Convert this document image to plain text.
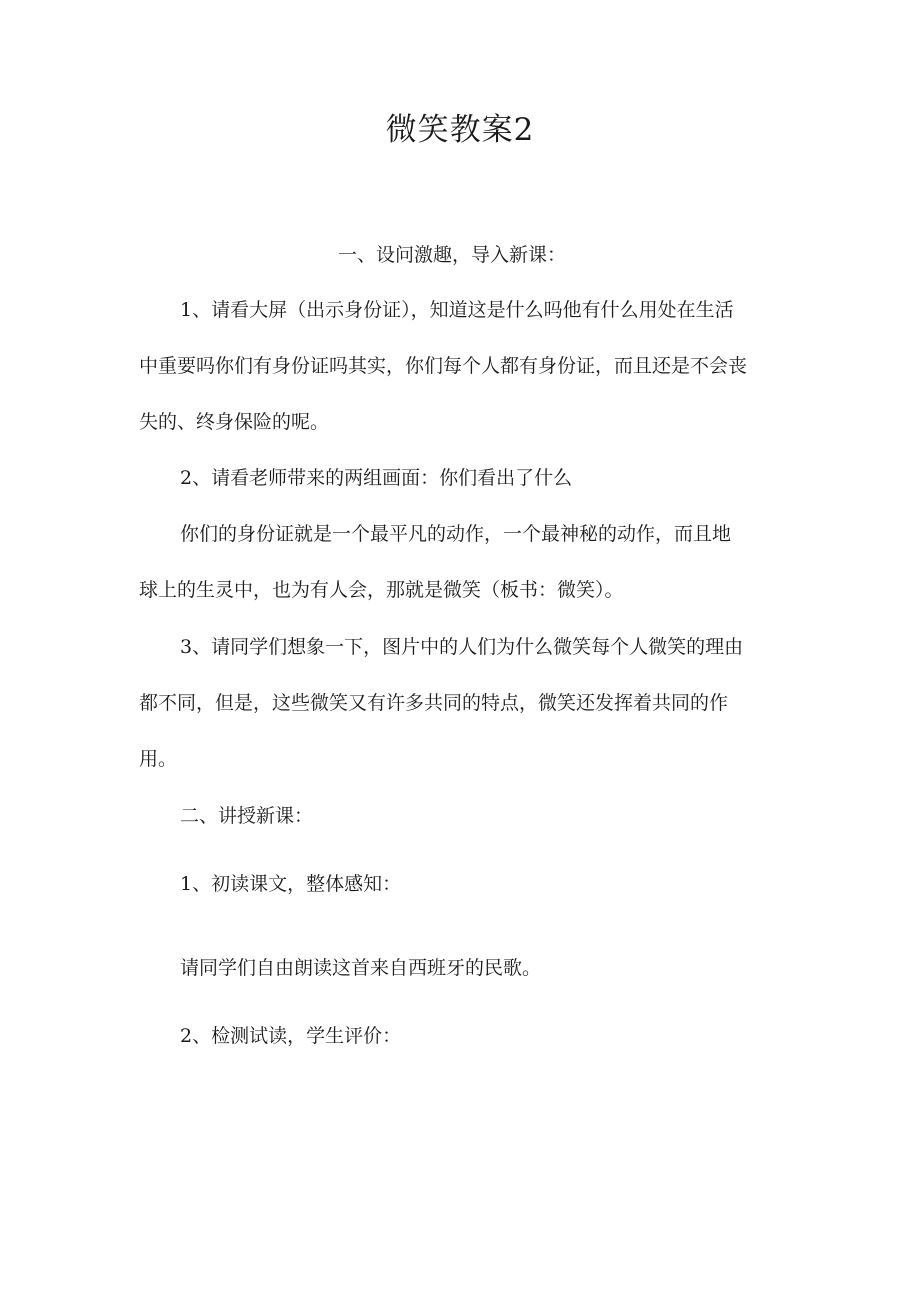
微笑教案2
一、设问激趣，导入新课：
1、请看大屏（出示身份证），知道这是什么吗他有什么用处在生活
中重要吗你们有身份证吗其实，你们每个人都有身份证，而且还是不会丧
失的、终身保险的呢。
2、请看老师带来的两组画面：你们看出了什么
你们的身份证就是一个最平凡的动作，一个最神秘的动作，而且地
球上的生灵中，也为有人会，那就是微笑（板书：微笑）。
3、请同学们想象一下，图片中的人们为什么微笑每个人微笑的理由
都不同，但是，这些微笑又有许多共同的特点，微笑还发挥着共同的作
用。
二、讲授新课：
1、初读课文，整体感知：
请同学们自由朗读这首来自西班牙的民歌。
2、检测试读，学生评价：
